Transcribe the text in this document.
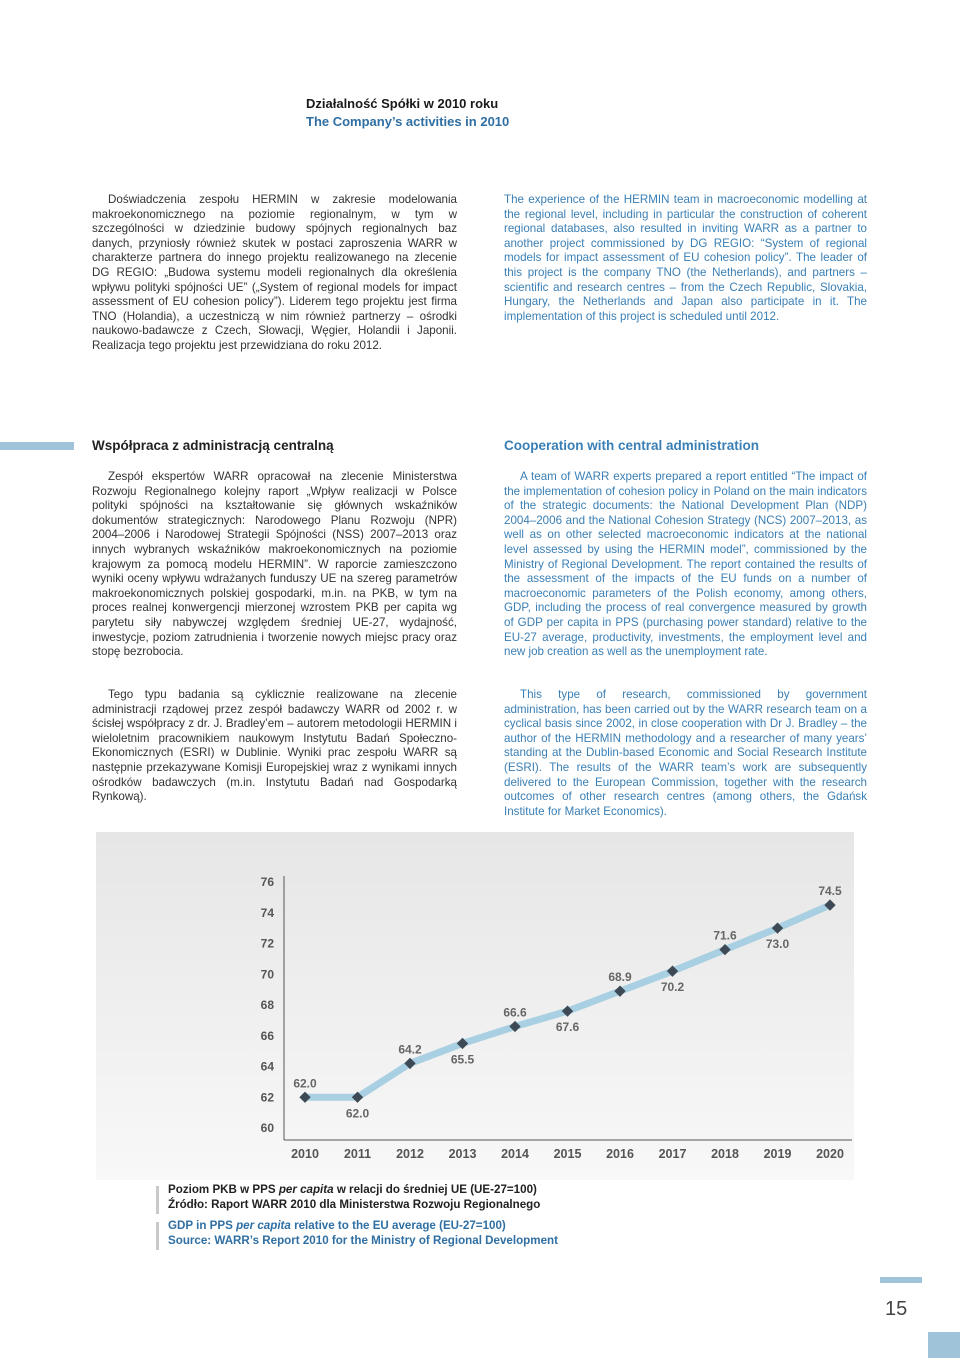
Działalność Spółki w 2010 roku
The Company’s activities in 2010

Doświadczenia zespołu HERMIN w zakresie modelowania makroekonomicznego na poziomie regionalnym, w tym w szczególności w dziedzinie budowy spójnych regionalnych baz danych, przyniosły również skutek w postaci zaproszenia WARR w charakterze partnera do innego projektu realizowanego na zlecenie DG REGIO: „Budowa systemu modeli regionalnych dla określenia wpływu polityki spójności UE” („System of regional models for impact assessment of EU cohesion policy”). Liderem tego projektu jest firma TNO (Holandia), a uczestniczą w nim również partnerzy – ośrodki naukowo-badawcze z Czech, Słowacji, Węgier, Holandii i Japonii. Realizacja tego projektu jest przewidziana do roku 2012.

The experience of the HERMIN team in macroeconomic modelling at the regional level, including in particular the construction of coherent regional databases, also resulted in inviting WARR as a partner to another project commissioned by DG REGIO: “System of regional models for impact assessment of EU cohesion policy”. The leader of this project is the company TNO (the Netherlands), and partners – scientific and research centres – from the Czech Republic, Slovakia, Hungary, the Netherlands and Japan also participate in it. The implementation of this project is scheduled until 2012.

Współpraca z administracją centralną	Cooperation with central administration

Zespół ekspertów WARR opracował na zlecenie Ministerstwa Rozwoju Regionalnego kolejny raport „Wpływ realizacji w Polsce polityki spójności na kształtowanie się głównych wskaźników dokumentów strategicznych: Narodowego Planu Rozwoju (NPR) 2004–2006 i Narodowej Strategii Spójności (NSS) 2007–2013 oraz innych wybranych wskaźników makroekonomicznych na poziomie krajowym za pomocą modelu HERMIN”. W raporcie zamieszczono wyniki oceny wpływu wdrażanych funduszy UE na szereg parametrów makroekonomicznych polskiej gospodarki, m.in. na PKB, w tym na proces realnej konwergencji mierzonej wzrostem PKB per capita wg parytetu siły nabywczej względem średniej UE-27, wydajność, inwestycje, poziom zatrudnienia i tworzenie nowych miejsc pracy oraz stopę bezrobocia.

Tego typu badania są cyklicznie realizowane na zlecenie administracji rządowej przez zespół badawczy WARR od 2002 r. w ścisłej współpracy z dr. J. Bradley’em – autorem metodologii HERMIN i wieloletnim pracownikiem naukowym Instytutu Badań Społeczno-Ekonomicznych (ESRI) w Dublinie. Wyniki prac zespołu WARR są następnie przekazywane Komisji Europejskiej wraz z wynikami innych ośrodków badawczych (m.in. Instytutu Badań nad Gospodarką Rynkową).

A team of WARR experts prepared a report entitled “The impact of the implementation of cohesion policy in Poland on the main indicators of the strategic documents: the National Development Plan (NDP) 2004–2006 and the National Cohesion Strategy (NCS) 2007–2013, as well as on other selected macroeconomic indicators at the national level assessed by using the HERMIN model”, commissioned by the Ministry of Regional Development. The report contained the results of the assessment of the impacts of the EU funds on a number of macroeconomic parameters of the Polish economy, among others, GDP, including the process of real convergence measured by growth of GDP per capita in PPS (purchasing power standard) relative to the EU-27 average, productivity, investments, the employment level and new job creation as well as the unemployment rate.

This type of research, commissioned by government administration, has been carried out by the WARR research team on a cyclical basis since 2002, in close cooperation with Dr J. Bradley – the author of the HERMIN methodology and a researcher of many years’ standing at the Dublin-based Economic and Social Research Institute (ESRI). The results of the WARR team’s work are subsequently delivered to the European Commission, together with the research outcomes of other research centres (among others, the Gdańsk Institute for Market Economics).

60
62
64
66
68
70
72
74
76
2010 2011 2012 2013 2014 2015 2016 2017 2018 2019 2020
62.0
62.0
64.2
65.5
66.6
67.6
68.9
70.2
71.6
73.0
74.5
Poziom PKB w PPS per capita w relacji do średniej UE (UE-27=100)
Źródło: Raport WARR 2010 dla Ministerstwa Rozwoju Regionalnego
GDP in PPS per capita relative to the EU average (EU-27=100)
Source: WARR’s Report 2010 for the Ministry of Regional Development
15
